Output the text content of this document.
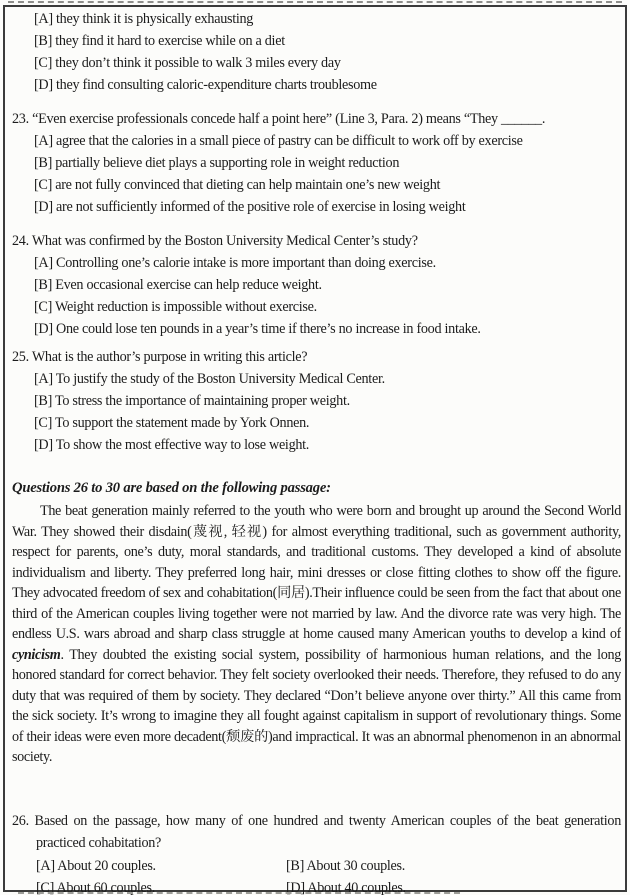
[A] they think it is physically exhausting
[B] they find it hard to exercise while on a diet
[C] they don’t think it possible to walk 3 miles every day
[D] they find consulting caloric-expenditure charts troublesome
23. “Even exercise professionals concede half a point here” (Line 3, Para. 2) means “They ______.
[A] agree that the calories in a small piece of pastry can be difficult to work off by exercise
[B] partially believe diet plays a supporting role in weight reduction
[C] are not fully convinced that dieting can help maintain one’s new weight
[D] are not sufficiently informed of the positive role of exercise in losing weight
24. What was confirmed by the Boston University Medical Center’s study?
[A] Controlling one’s calorie intake is more important than doing exercise.
[B] Even occasional exercise can help reduce weight.
[C] Weight reduction is impossible without exercise.
[D] One could lose ten pounds in a year’s time if there’s no increase in food intake.
25. What is the author’s purpose in writing this article?
[A] To justify the study of the Boston University Medical Center.
[B] To stress the importance of maintaining proper weight.
[C] To support the statement made by York Onnen.
[D] To show the most effective way to lose weight.
Questions 26 to 30 are based on the following passage:

The beat generation mainly referred to the youth who were born and brought up around the Second World War. They showed their disdain(蔑视, 轻视) for almost everything traditional, such as government authority, respect for parents, one’s duty, moral standards, and traditional customs. They developed a kind of absolute individualism and liberty. They preferred long hair, mini dresses or close fitting clothes to show off the figure. They advocated freedom of sex and cohabitation(同居).Their influence could be seen from the fact that about one third of the American couples living together were not married by law. And the divorce rate was very high. The endless U.S. wars abroad and sharp class struggle at home caused many American youths to develop a kind of cynicism. They doubted the existing social system, possibility of harmonious human relations, and the long honored standard for correct behavior. They felt society overlooked their needs. Therefore, they refused to do any duty that was required of them by society. They declared “Don’t believe anyone over thirty.” All this came from the sick society. It’s wrong to imagine they all fought against capitalism in support of revolutionary things. Some of their ideas were even more decadent(颓废的)and impractical. It was an abnormal phenomenon in an abnormal society.

26. Based on the passage, how many of one hundred and twenty American couples of the beat generation practiced cohabitation?
[A] About 20 couples.	[B] About 30 couples.
[C] About 60 couples.	[D] About 40 couples.
